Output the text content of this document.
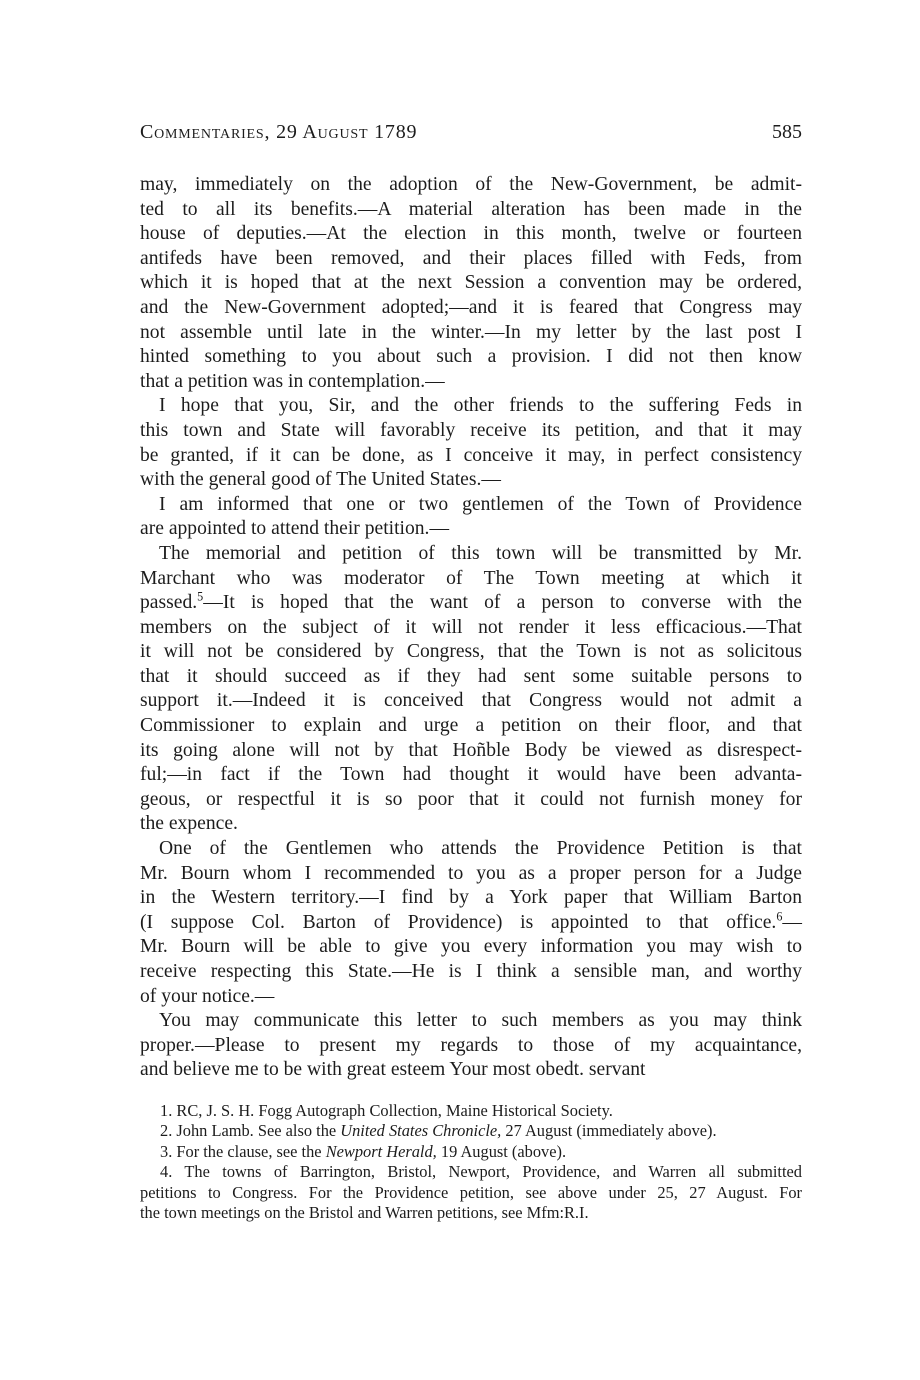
Commentaries, 29 August 1789	585
may, immediately on the adoption of the New-Government, be admit-
ted to all its benefits.—A material alteration has been made in the
house of deputies.—At the election in this month, twelve or fourteen
antifeds have been removed, and their places filled with Feds, from
which it is hoped that at the next Session a convention may be ordered,
and the New-Government adopted;—and it is feared that Congress may
not assemble until late in the winter.—In my letter by the last post I
hinted something to you about such a provision. I did not then know
that a petition was in contemplation.—
I hope that you, Sir, and the other friends to the suffering Feds in
this town and State will favorably receive its petition, and that it may
be granted, if it can be done, as I conceive it may, in perfect consistency
with the general good of The United States.—
I am informed that one or two gentlemen of the Town of Providence
are appointed to attend their petition.—
The memorial and petition of this town will be transmitted by Mr.
Marchant who was moderator of The Town meeting at which it
passed.$^5$—It is hoped that the want of a person to converse with the
members on the subject of it will not render it less efficacious.—That
it will not be considered by Congress, that the Town is not as solicitous
that it should succeed as if they had sent some suitable persons to
support it.—Indeed it is conceived that Congress would not admit a
Commissioner to explain and urge a petition on their floor, and that
its going alone will not by that Hoñble Body be viewed as disrespect-
ful;—in fact if the Town had thought it would have been advanta-
geous, or respectful it is so poor that it could not furnish money for
the expence.
One of the Gentlemen who attends the Providence Petition is that
Mr. Bourn whom I recommended to you as a proper person for a Judge
in the Western territory.—I find by a York paper that William Barton
(I suppose Col. Barton of Providence) is appointed to that office.$^6$—
Mr. Bourn will be able to give you every information you may wish to
receive respecting this State.—He is I think a sensible man, and worthy
of your notice.—
You may communicate this letter to such members as you may think
proper.—Please to present my regards to those of my acquaintance,
and believe me to be with great esteem Your most obedt. servant
1. RC, J. S. H. Fogg Autograph Collection, Maine Historical Society.
2. John Lamb. See also the United States Chronicle, 27 August (immediately above).
3. For the clause, see the Newport Herald, 19 August (above).
4. The towns of Barrington, Bristol, Newport, Providence, and Warren all submitted
petitions to Congress. For the Providence petition, see above under 25, 27 August. For
the town meetings on the Bristol and Warren petitions, see Mfm:R.I.
